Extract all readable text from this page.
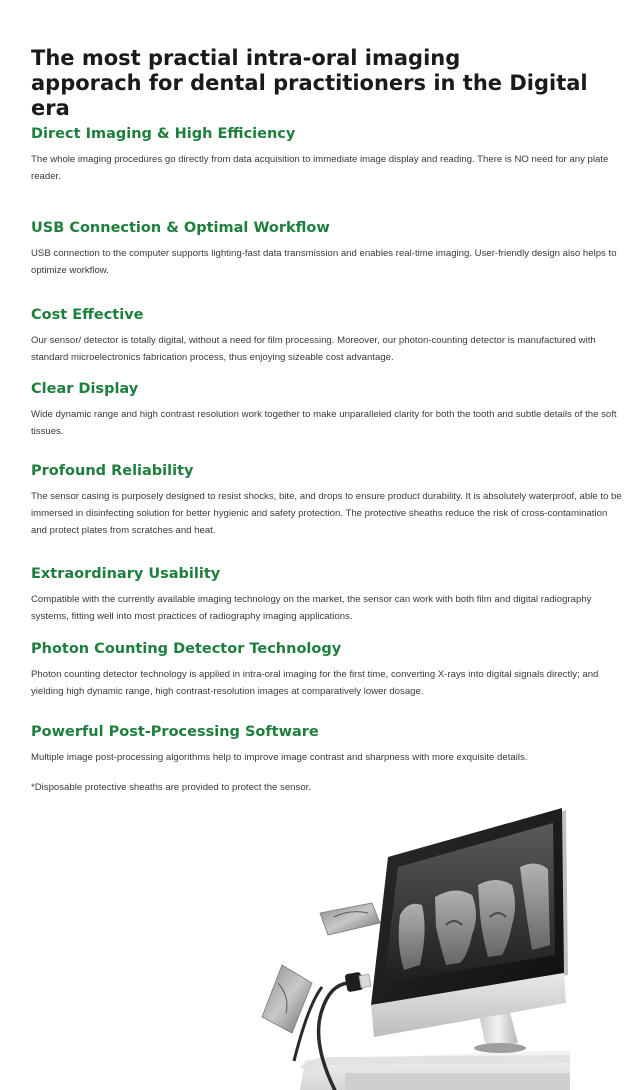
The most practial intra-oral imaging
apporach for dental practitioners in the Digital era
Direct Imaging & High Efficiency

The whole imaging procedures go directly from data acquisition to immediate image display and reading. There is NO need for any plate reader.

USB Connection & Optimal Workflow

USB connection to the computer supports lighting-fast data transmission and enables real-time imaging. User-friendly design also helps to optimize workflow.

Cost Effective

Our sensor/ detector is totally digital, without a need for film processing. Moreover, our photon-counting detector is manufactured with standard microelectronics fabrication process, thus enjoying sizeable cost advantage.

Clear Display

Wide dynamic range and high contrast resolution work together to make unparalleled clarity for both the tooth and subtle details of the soft tissues.

Profound Reliability

The sensor casing is purposely designed to resist shocks, bite, and drops to ensure product durability. It is absolutely waterproof, able to be immersed in disinfecting solution for better hygienic and safety protection. The protective sheaths reduce the risk of cross-contamination and protect plates from scratches and heat.

Extraordinary Usability

Compatible with the currently available imaging technology on the market, the sensor can work with both film and digital radiography systems, fitting well into most practices of radiography imaging applications.

Photon Counting Detector Technology

Photon counting detector technology is applied in intra-oral imaging for the first time, converting X-rays into digital signals directly; and yielding high dynamic range, high contrast-resolution images at comparatively lower dosage.

Powerful Post-Processing Software

Multiple image post-processing algorithms help to improve image contrast and sharpness with more exquisite details.

*Disposable protective sheaths are provided to protect the sensor.
